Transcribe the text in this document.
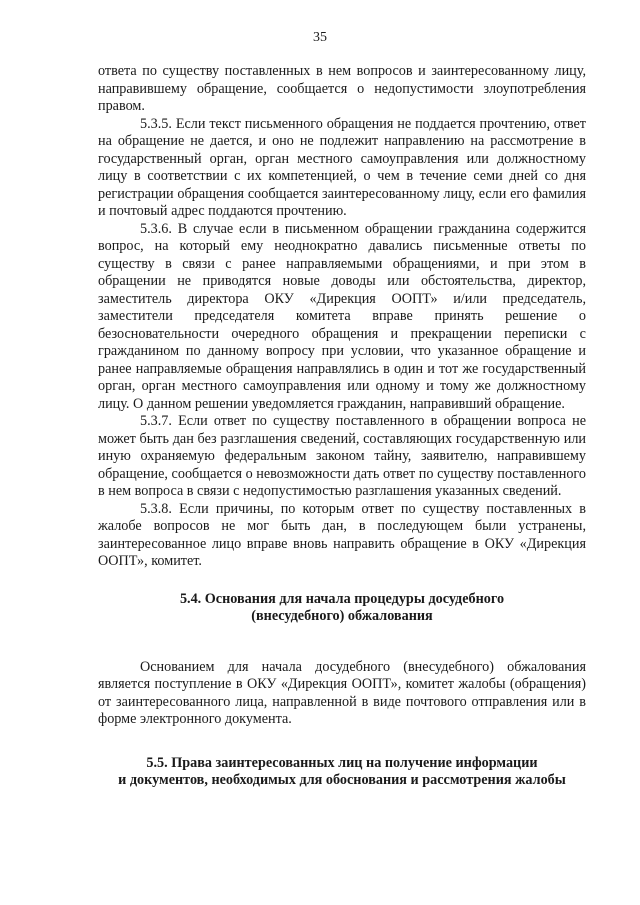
35

ответа по существу поставленных в нем вопросов и заинтересованному лицу, направившему обращение, сообщается о недопустимости злоупотребления правом.

5.3.5. Если текст письменного обращения не поддается прочтению, ответ на обращение не дается, и оно не подлежит направлению на рассмотрение в государственный орган, орган местного самоуправления или должностному лицу в соответствии с их компетенцией, о чем в течение семи дней со дня регистрации обращения сообщается заинтересованному лицу, если его фамилия и почтовый адрес поддаются прочтению.

5.3.6. В случае если в письменном обращении гражданина содержится вопрос, на который ему неоднократно давались письменные ответы по существу в связи с ранее направляемыми обращениями, и при этом в обращении не приводятся новые доводы или обстоятельства, директор, заместитель директора ОКУ «Дирекция ООПТ» и/или председатель, заместители председателя комитета вправе принять решение о безосновательности очередного обращения и прекращении переписки с гражданином по данному вопросу при условии, что указанное обращение и ранее направляемые обращения направлялись в один и тот же государственный орган, орган местного самоуправления или одному и тому же должностному лицу. О данном решении уведомляется гражданин, направивший обращение.

5.3.7. Если ответ по существу поставленного в обращении вопроса не может быть дан без разглашения сведений, составляющих государственную или иную охраняемую федеральным законом тайну, заявителю, направившему обращение, сообщается о невозможности дать ответ по существу поставленного в нем вопроса в связи с недопустимостью разглашения указанных сведений.

5.3.8. Если причины, по которым ответ по существу поставленных в жалобе вопросов не мог быть дан, в последующем были устранены, заинтересованное лицо вправе вновь направить обращение в ОКУ «Дирекция ООПТ», комитет.

5.4. Основания для начала процедуры досудебного

(внесудебного) обжалования

Основанием для начала досудебного (внесудебного) обжалования является поступление в ОКУ «Дирекция ООПТ», комитет жалобы (обращения) от заинтересованного лица, направленной в виде почтового отправления или в форме электронного документа.

5.5. Права заинтересованных лиц на получение информации

и документов, необходимых для обоснования и рассмотрения жалобы
